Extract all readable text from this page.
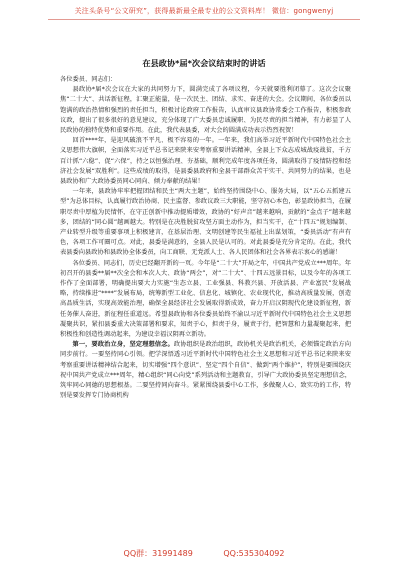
关注头条号“公文研究”，获得最新最全最专业的公文资料库！ 微信：gongwenyj
在县政协*届*次会议结束时的讲话

各位委员、同志们：

县政协*届*次会议在大家的共同努力下，圆满完成了各项议程，今天就要胜利闭幕了。这次会议聚焦“二十大”、共话新征程，汇聚正能量，是一次民主、团结、求实、奋进的大会。会议期间，各位委员以饱满的政治热情和强烈的责任担当，积极讨论政府工作报告，认真审议县政协常委会工作报告，积极参政议政，提出了很多很好的意见建议，充分体现了广大委员忠诚履职、为民尽责的担当精神，有力彰显了人民政协的独特优势和重要作用。在此，我代表县委，对大会的圆满成功表示热烈祝贺！

回首****年，是迎风破浪不平凡、极不容易的一年。一年来，我们高举习近平新时代中国特色社会主义思想伟大旗帜，全面落实习近平总书记来陕来安考察重要讲话精神，全县上下众志成城战疫战贫，千方百计抓“六稳”、促“六保”，持之以恒强治理、夯基础，顺利完成年度各项任务，圆满取得了疫情防控和经济社会发展“双胜利”。这些成绩的取得，是县委县政府和全县干部群众苦干实干、共同努力的结果，也是县政协和广大政协委员同心同向、倾力奉献的结果！

一年来，县政协牢牢把握团结和民主“两大主题”，始终坚持围绕中心、服务大局，以“五心五抓建五型”为总体目标，认真履行政治协商、民主监督、参政议政三大职能，坚守初心本色，彰显政协担当，在履职尽责中厚植为民情怀，在守正创新中推动提质增效，政协的“好声音”越来越响，贡献的“金点子”越来越多，团结的“同心圆”越画越大。特别是在决胜脱贫攻坚方面主动作为，担当实干，在“十四五”规划编制、产业转型升级等重要事项上积极建言，在基层治理、文明创建等民生福祉上出谋划策，“委员活动”有声有色，各项工作可圈可点。对此，县委是满意的，全县人民是认可的。对此县委是充分肯定的。在此，我代表县委向县政协和县政协全体委员，向工商联、无党派人士、各人民团体和社会各界表示衷心的感谢！

各位委员、同志们，历史已经翻开新的一页。今年是“二十大”开局之年，中国共产党成立***周年。年初召开的县委**届**次全会和本次人大、政协“两会”，对“二十大”、十四五远景目标，以及今年的各项工作作了全面部署，明确提出要大力实施“生态立县、工业强县、科教兴县、开放活县、产业富民”发展战略，持续推进“****”发展布局，统筹新型工业化、信息化、城镇化、农业现代化，推动高质量发展，创造高品质生活，实现高效能治理，确保全县经济社会发展取得新成效，奋力开启汉阴现代化建设新征程，新任务催人奋进，新征程任重道远。希望县政协和各位委员始终不渝以习近平新时代中国特色社会主义思想凝聚共识，紧扣县委重大决策部署和要求，知责于心，担责于身，履责于行，把智慧和力量凝聚起来，把积极性和创造性调动起来，为建设幸福汉阴再立新功。

第一，要政治立身，坚定理想信念。政协组织是政治组织，政协机关是政治机关，必须锚定政治方向同步前行。一要坚持同心引领。把学深悟透习近平新时代中国特色社会主义思想和习近平总书记来陕来安考察重要讲话精神结合起来，切实增强“四个意识”、坚定“四个自信”、做到“两个维护”，特别是要围绕庆祝中国共产党成立***周年，精心组织“同心向党”系列活动和主题教育，引导广大政协委员坚定理想信念，筑牢同心同德的思想根基。二要坚持同向奋斗。紧紧围绕县委中心工作，多做聚人心、致实功的工作，特别是要发挥专门协商机构

QQ群：31991489	QQ:535304092
